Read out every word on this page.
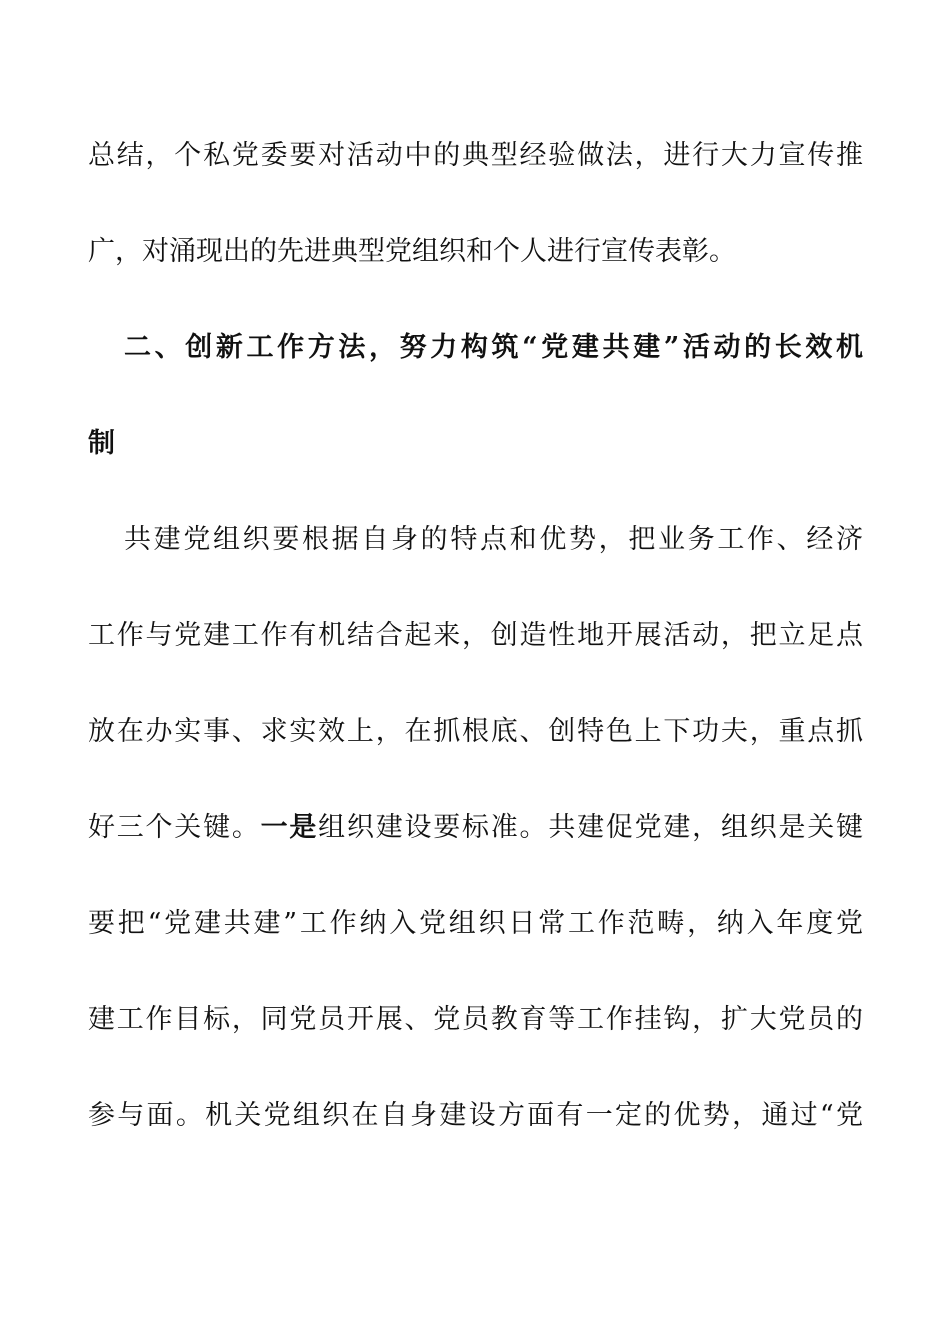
总结，个私党委要对活动中的典型经验做法，进行大力宣传推
广，对涌现出的先进典型党组织和个人进行宣传表彰。
二、创新工作方法，努力构筑“党建共建”活动的长效机
制
共建党组织要根据自身的特点和优势，把业务工作、经济
工作与党建工作有机结合起来，创造性地开展活动，把立足点
放在办实事、求实效上，在抓根底、创特色上下功夫，重点抓
好三个关键。一是组织建设要标准。共建促党建，组织是关键
要把“党建共建”工作纳入党组织日常工作范畴，纳入年度党
建工作目标，同党员开展、党员教育等工作挂钩，扩大党员的
参与面。机关党组织在自身建设方面有一定的优势，通过“党
